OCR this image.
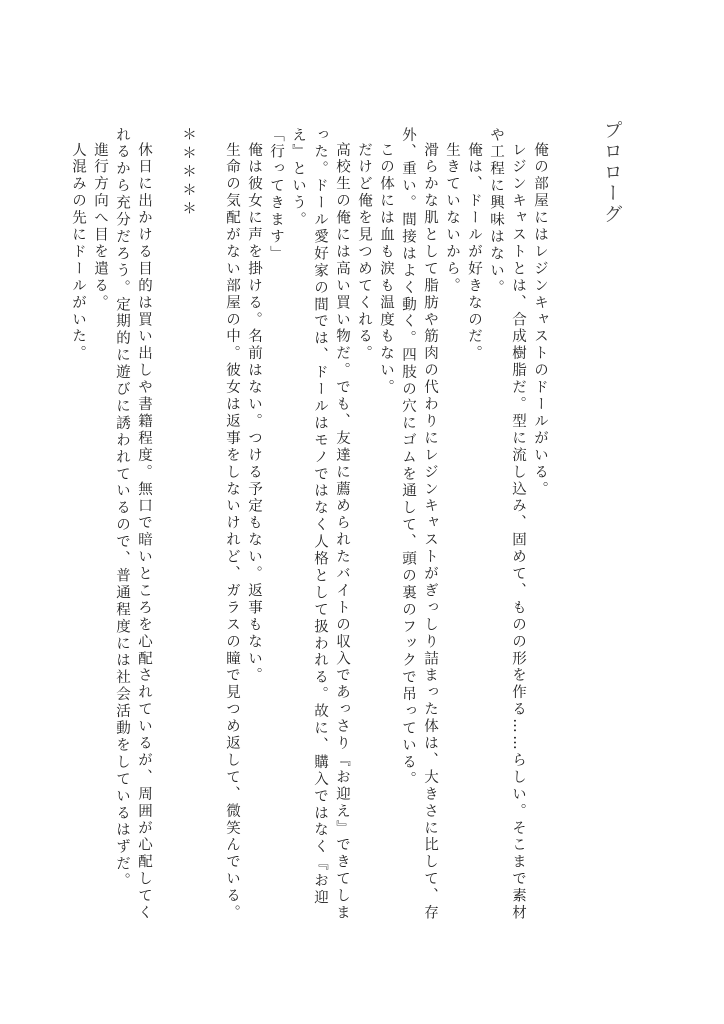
プロローグ

俺の部屋にはレジンキャストのドールがいる。

レジンキャストとは、合成樹脂だ。型に流し込み、固めて、ものの形を作る……らしい。そこまで素材や工程に興味はない。

俺は、ドールが好きなのだ。

生きていないから。

滑らかな肌として脂肪や筋肉の代わりにレジンキャストがぎっしり詰まった体は、大きさに比して、存外、重い。間接はよく動く。四肢の穴にゴムを通して、頭の裏のフックで吊っている。

この体には血も涙も温度もない。

だけど俺を見つめてくれる。

高校生の俺には高い買い物だ。でも、友達に薦められたバイトの収入であっさり『お迎え』できてしまった。ドール愛好家の間では、ドールはモノではなく人格として扱われる。故に、購入ではなく『お迎え』という。

「行ってきます」

俺は彼女に声を掛ける。名前はない。つける予定もない。返事もない。

生命の気配がない部屋の中。彼女は返事をしないけれど、ガラスの瞳で見つめ返して、微笑んでいる。

＊＊＊＊＊

休日に出かける目的は買い出しや書籍程度。無口で暗いところを心配されているが、周囲が心配してくれるから充分だろう。定期的に遊びに誘われているので、普通程度には社会活動をしているはずだ。

進行方向へ目を遣る。

人混みの先にドールがいた。
